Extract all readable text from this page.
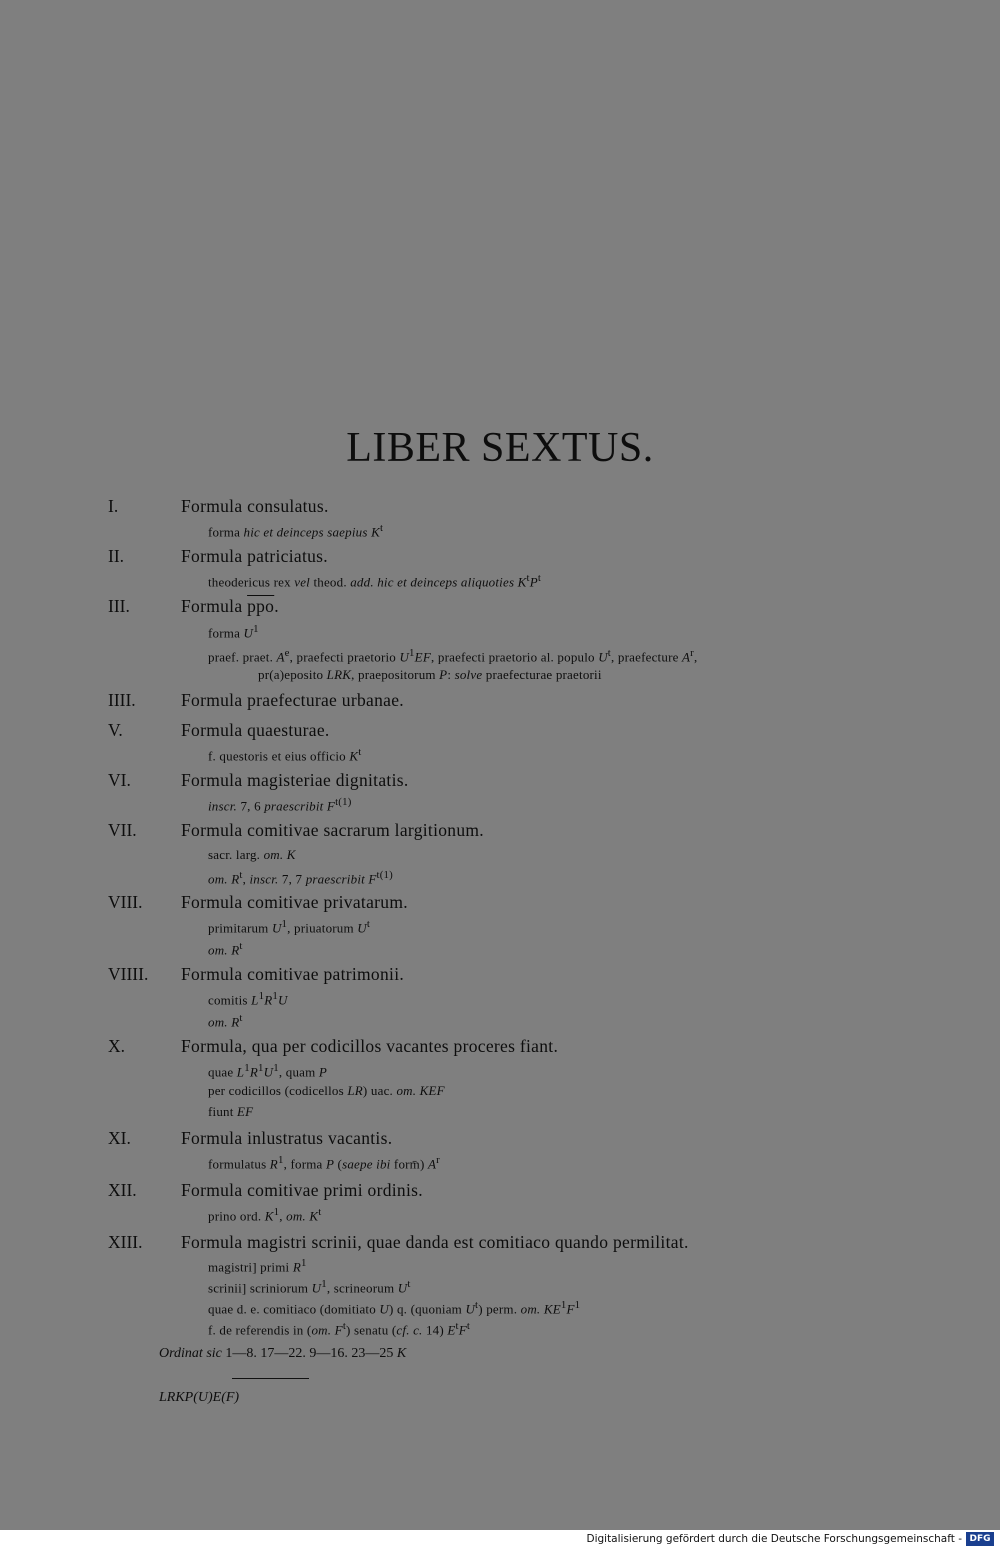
LIBER SEXTUS.
I.	Formula consulatus.
forma hic et deinceps saepius $K^t$
II.	Formula patriciatus.
theodericus rex vel theod. add. hic et deinceps aliquoties $K^tP^t$
III.	Formula $\overline{ppo}$.
forma $U^1$
praef. praet. $A^e$, praefecti praetorio $U^1EF$, praefecti praetorio al. populo $U^t$, praefecture $A^r$,
pr(a)eposito LRK, praepositorum P: solve praefecturae praetorii
IIII.	Formula praefecturae urbanae.
V.	Formula quaesturae.
f. questoris et eius officio $K^t$
VI.	Formula magisteriae dignitatis.
inscr. 7, 6 praescribit $F^{t(1)}$
VII.	Formula comitivae sacrarum largitionum.
sacr. larg. om. K
om. $R^t$, inscr. 7, 7 praescribit $F^{t(1)}$
VIII. Formula comitivae privatarum.
primitarum $U^1$, priuatorum $U^t$
om. $R^t$
VIIII. Formula comitivae patrimonii.
comitis $L^1R^1U$
om. $R^t$
X.	Formula, qua per codicillos vacantes proceres fiant.
quae $L^1R^1U^1$, quam P
per codicillos (codicellos LR) uac. om. KEF
fiunt EF
XI.	Formula inlustratus vacantis.
formulatus $R^1$, forma P (saepe ibi form̄) $A^r$
XII.	Formula comitivae primi ordinis.
prino ord. $K^1$, om. $K^t$
XIII. Formula magistri scrinii, quae danda est comitiaco quando permilitat.
magistri] primi $R^1$
scrinii] scriniorum $U^1$, scrineorum $U^t$
quae d. e. comitiaco (domitiato U) q. (quoniam $U^t$) perm. om. $KE^1F^1$
f. de referendis in (om. $F^t$) senatu (cf. c. 14) $E^tF^t$
Ordinat sic 1—8. 17—22. 9—16. 23—25 K
LRKP(U)E(F)
Digitalisierung gefördert durch die Deutsche Forschungsgemeinschaft - DFG
